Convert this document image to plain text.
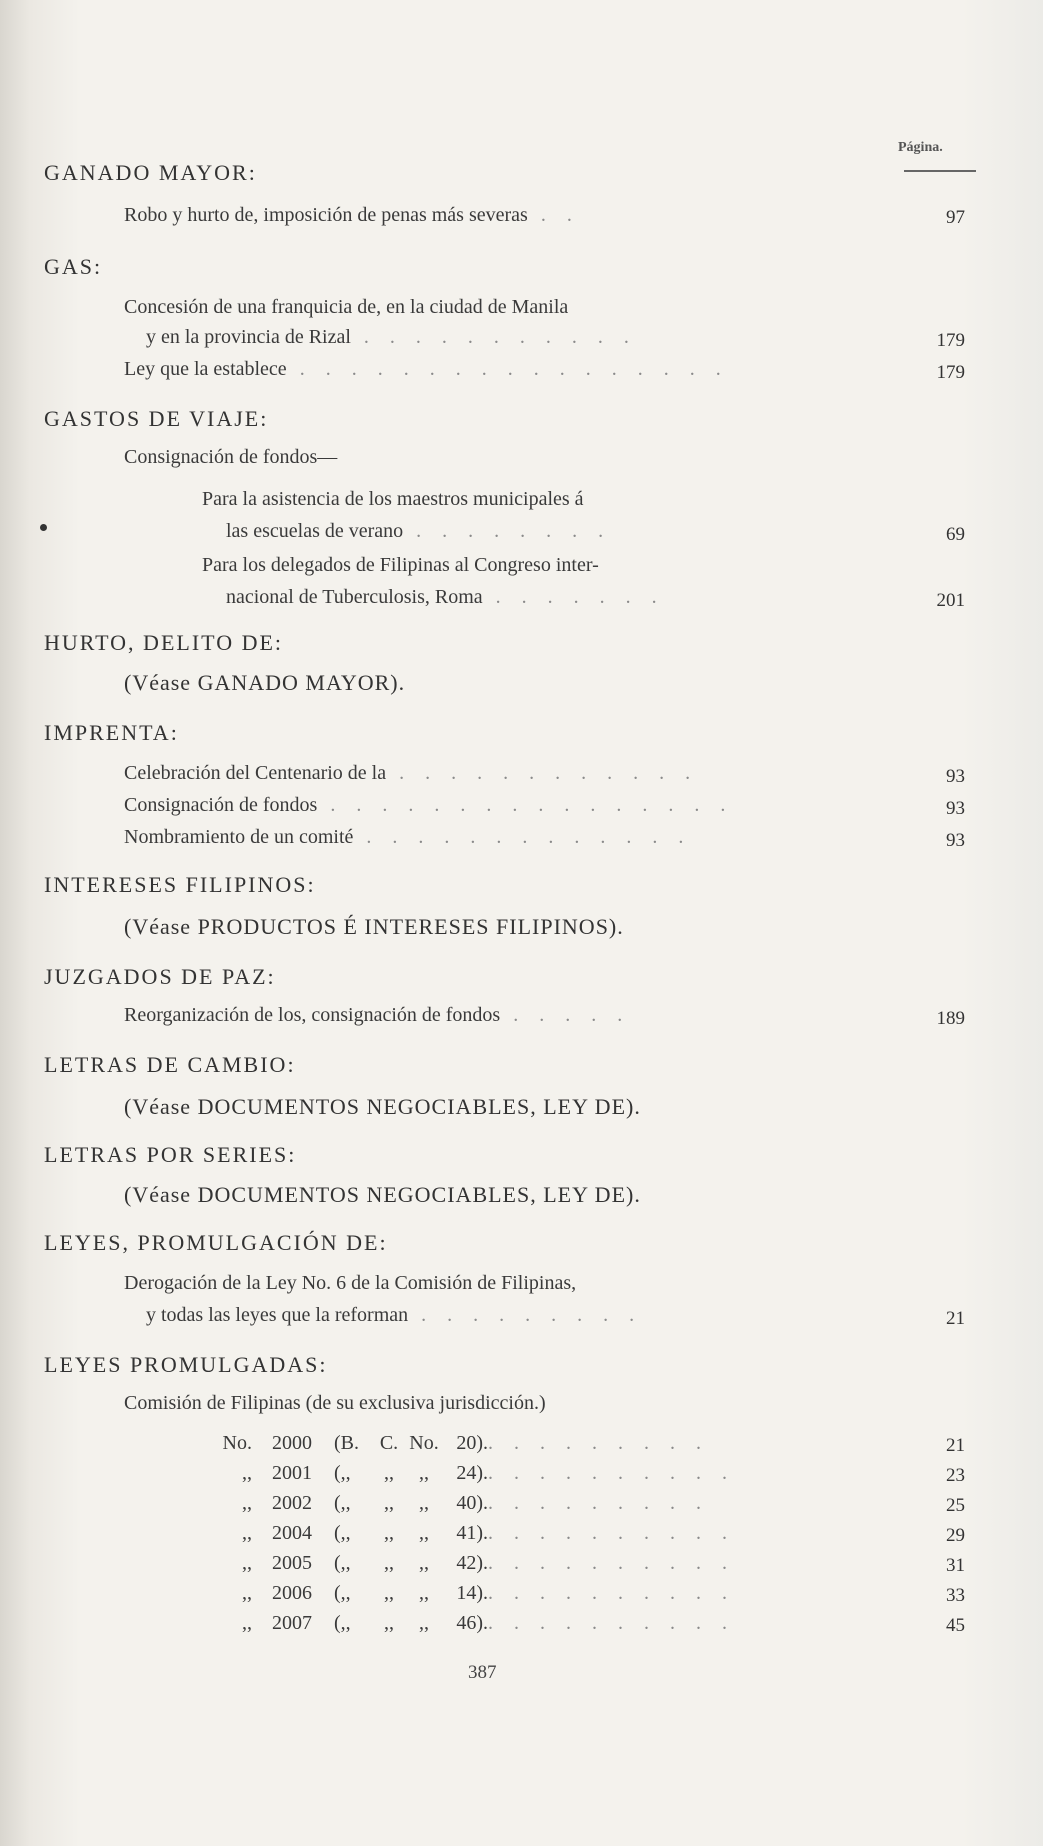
Página.
GANADO MAYOR:
Robo y hurto de, imposición de penas más severas . .	97
GAS:
Concesión de una franquicia de, en la ciudad de Manila
y en la provincia de Rizal . . . . . . . . . . .	179
Ley que la establece . . . . . . . . . . . . . . . . .	179
GASTOS DE VIAJE:
Consignación de fondos—
Para la asistencia de los maestros municipales á
las escuelas de verano . . . . . . . .	69
Para los delegados de Filipinas al Congreso inter-
nacional de Tuberculosis, Roma . . . . . . .	201
HURTO, DELITO DE:
(Véase GANADO MAYOR).
IMPRENTA:
Celebración del Centenario de la . . . . . . . . . . . .	93
Consignación de fondos . . . . . . . . . . . . . . . .	93
Nombramiento de un comité . . . . . . . . . . . . .	93
INTERESES FILIPINOS:
(Véase PRODUCTOS É INTERESES FILIPINOS).
JUZGADOS DE PAZ:
Reorganización de los, consignación de fondos . . . . .	189
LETRAS DE CAMBIO:
(Véase DOCUMENTOS NEGOCIABLES, LEY DE).
LETRAS POR SERIES:
(Véase DOCUMENTOS NEGOCIABLES, LEY DE).
LEYES, PROMULGACIÓN DE:
Derogación de la Ley No. 6 de la Comisión de Filipinas,
y todas las leyes que la reforman . . . . . . . . .	21
LEYES PROMULGADAS:
Comisión de Filipinas (de su exclusiva jurisdicción.)
No. 2000 (B. C. No. 20).. . . . . . . . .	21
,, 2001 (,, ,, ,, 24).. . . . . . . . . .	23
,, 2002 (,, ,, ,, 40).. . . . . . . . .	25
,, 2004 (,, ,, ,, 41).. . . . . . . . . .	29
,, 2005 (,, ,, ,, 42).. . . . . . . . . .	31
,, 2006 (,, ,, ,, 14).. . . . . . . . . .	33
,, 2007 (,, ,, ,, 46).. . . . . . . . . .	45
387
